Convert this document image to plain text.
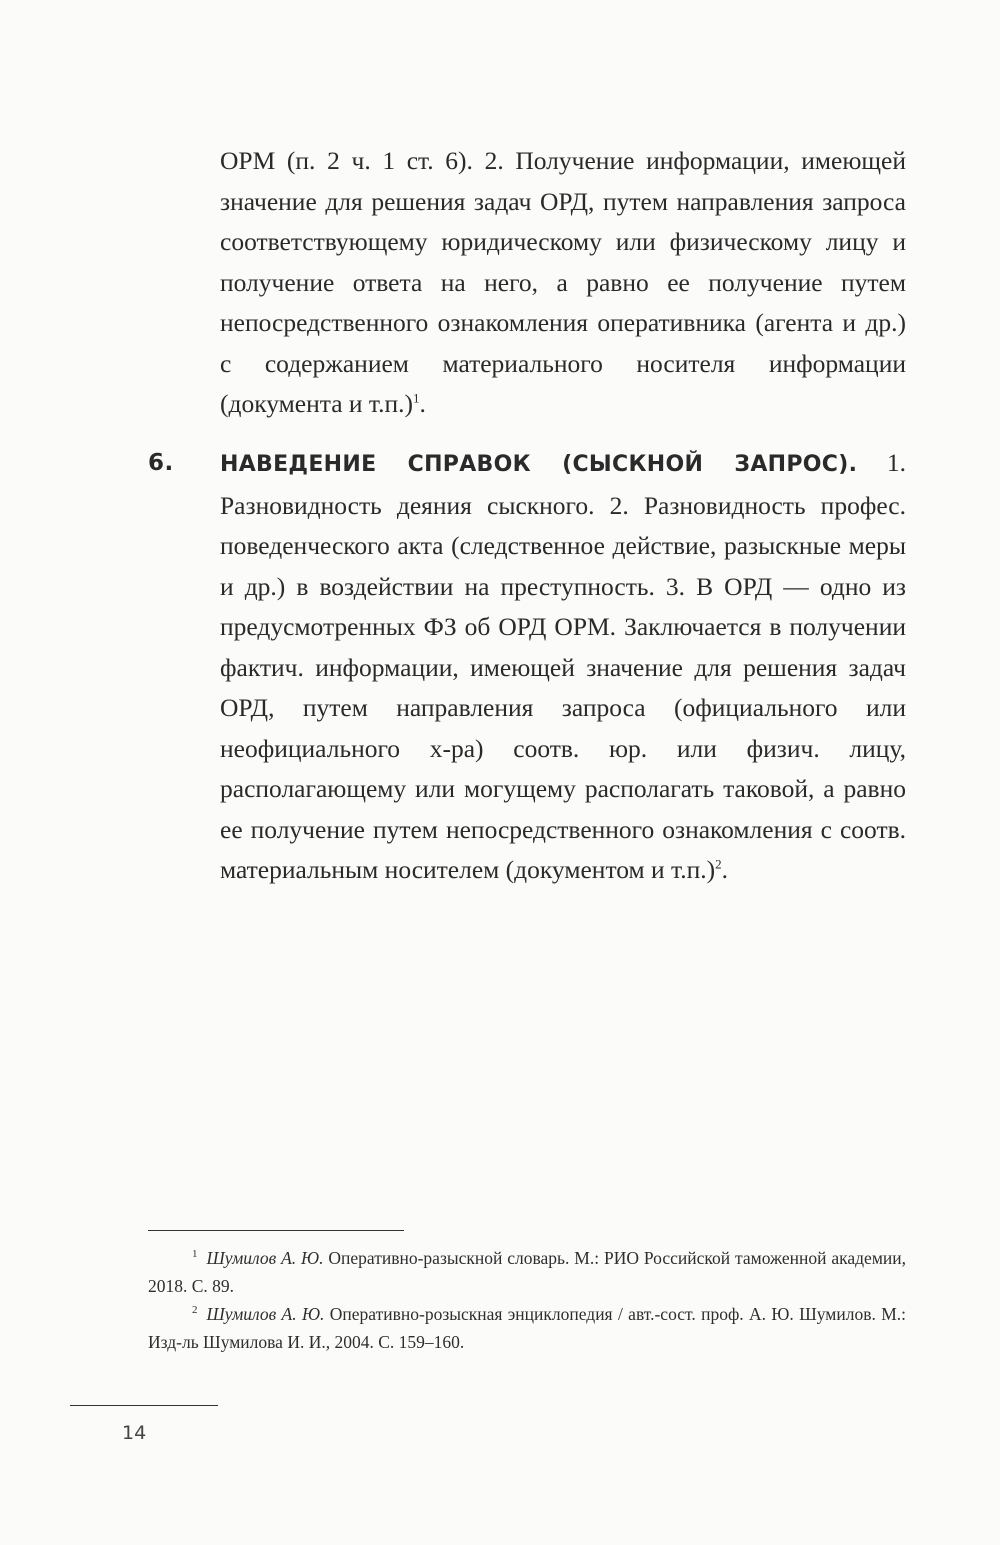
ОРМ (п. 2 ч. 1 ст. 6). 2. Получение информации, имеющей значение для решения задач ОРД, путем направления запроса соответствующему юридическому или физическому лицу и получение ответа на него, а равно ее получение путем непосредственного ознакомления оперативника (агента и др.) с содержанием материального носителя информации (документа и т.п.)$^1$.

6. НАВЕДЕНИЕ СПРАВОК (СЫСКНОЙ ЗАПРОС). 1. Разновидность деяния сыскного. 2. Разновидность профес. поведенческого акта (следственное действие, разыскные меры и др.) в воздействии на преступность. 3. В ОРД — одно из предусмотренных ФЗ об ОРД ОРМ. Заключается в получении фактич. информации, имеющей значение для решения задач ОРД, путем направления запроса (официального или неофициального х-ра) соотв. юр. или физич. лицу, располагающему или могущему располагать таковой, а равно ее получение путем непосредственного ознакомления с соотв. материальным носителем (документом и т.п.)$^2$.

$^1$ Шумилов А. Ю. Оперативно-разыскной словарь. М.: РИО Российской таможенной академии, 2018. С. 89.

$^2$ Шумилов А. Ю. Оперативно-розыскная энциклопедия / авт.-сост. проф. А. Ю. Шумилов. М.: Изд-ль Шумилова И. И., 2004. С. 159–160.

14
